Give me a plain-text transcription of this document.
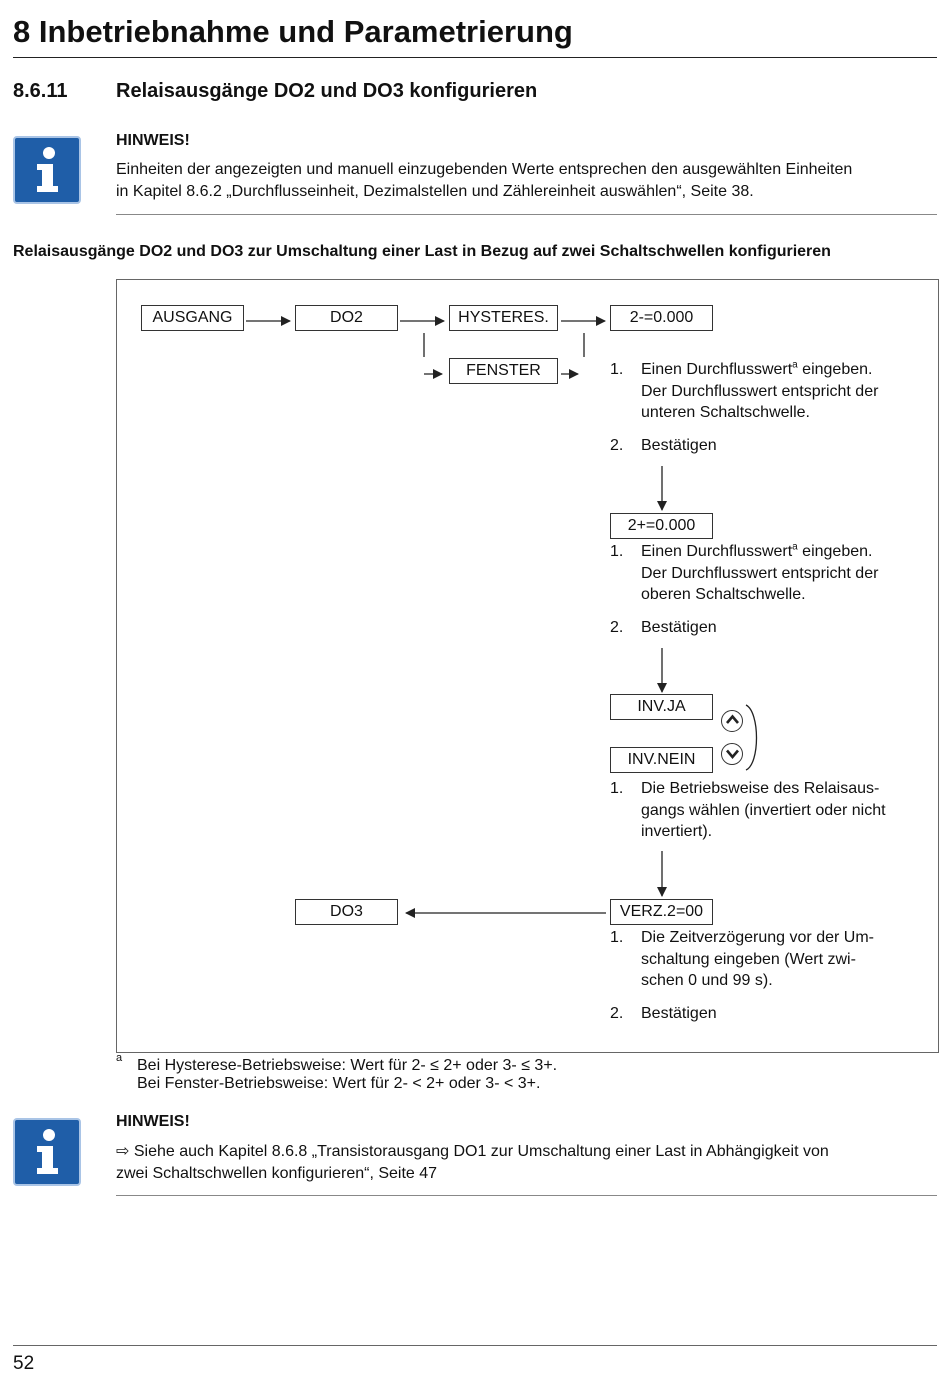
8 Inbetriebnahme und Parametrierung
8.6.11 Relaisausgänge DO2 und DO3 konfigurieren
HINWEIS!
Einheiten der angezeigten und manuell einzugebenden Werte entsprechen den ausgewählten Einheiten
in Kapitel 8.6.2 „Durchflusseinheit, Dezimalstellen und Zählereinheit auswählen“, Seite 38.
Relaisausgänge DO2 und DO3 zur Umschaltung einer Last in Bezug auf zwei Schaltschwellen konfigurieren
AUSGANG	DO2	HYSTERES.
FENSTER
2-=0.000
2+=0.000
INV.JA
INV.NEIN
VERZ.2=00
DO3
1. Einen Durchflusswert$^a$ eingeben.
Der Durchflusswert entspricht der
unteren Schaltschwelle.
2. Bestätigen
1. Einen Durchflusswert$^a$ eingeben.
Der Durchflusswert entspricht der
oberen Schaltschwelle.
2. Bestätigen
1. Die Betriebsweise des Relaisaus-
gangs wählen (invertiert oder nicht
invertiert).
1. Die Zeitverzögerung vor der Um-
schaltung eingeben (Wert zwi-
schen 0 und 99 s).
2. Bestätigen
a Bei Hysterese-Betriebsweise: Wert für 2- ≤ 2+ oder 3- ≤ 3+.
Bei Fenster-Betriebsweise: Wert für 2- < 2+ oder 3- < 3+.
HINWEIS!
⇨ Siehe auch Kapitel 8.6.8 „Transistorausgang DO1 zur Umschaltung einer Last in Abhängigkeit von
zwei Schaltschwellen konfigurieren“, Seite 47
52
